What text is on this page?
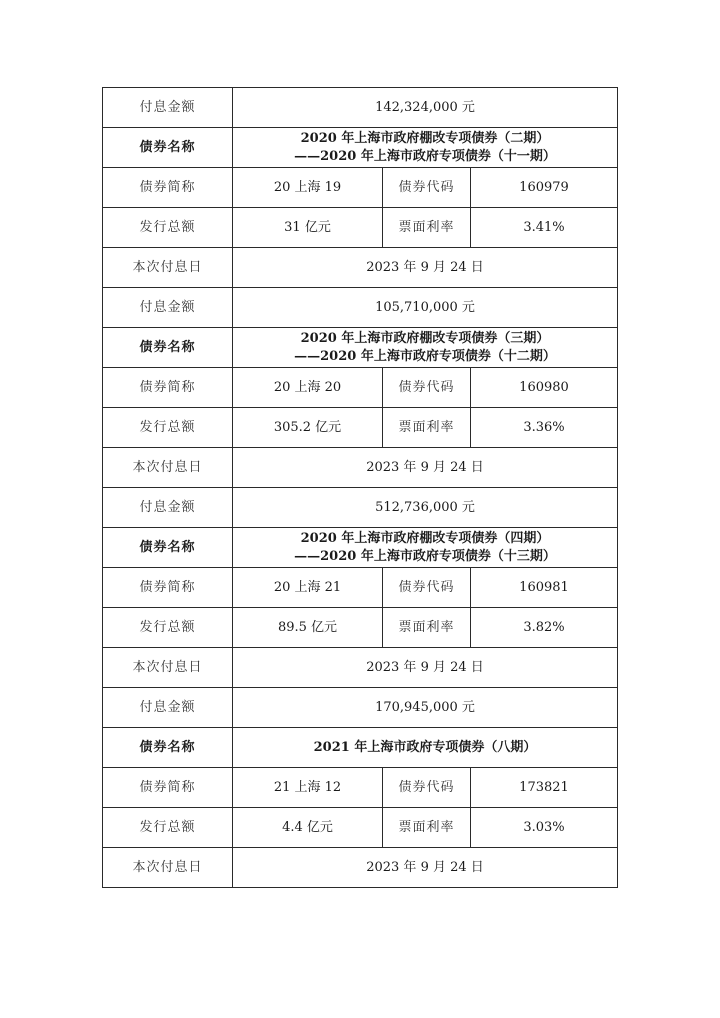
付息金额	142,324,000 元		
债券名称	2020 年上海市政府棚改专项债券（二期）
——2020 年上海市政府专项债券（十一期）		

债券简称	20 上海 19	债券代码	160979
发行总额	31 亿元	票面利率	3.41%
本次付息日	2023 年 9 月 24 日		
付息金额	105,710,000 元		
债券名称	2020 年上海市政府棚改专项债券（三期）
——2020 年上海市政府专项债券（十二期）		

债券简称	20 上海 20	债券代码	160980
发行总额	305.2 亿元	票面利率	3.36%
本次付息日	2023 年 9 月 24 日		
付息金额	512,736,000 元		
债券名称	2020 年上海市政府棚改专项债券（四期）
——2020 年上海市政府专项债券（十三期）		

债券简称	20 上海 21	债券代码	160981
发行总额	89.5 亿元	票面利率	3.82%
本次付息日	2023 年 9 月 24 日		
付息金额	170,945,000 元		
债券名称	2021 年上海市政府专项债券（八期）		

债券简称	21 上海 12	债券代码	173821
发行总额	4.4 亿元	票面利率	3.03%
本次付息日	2023 年 9 月 24 日		
